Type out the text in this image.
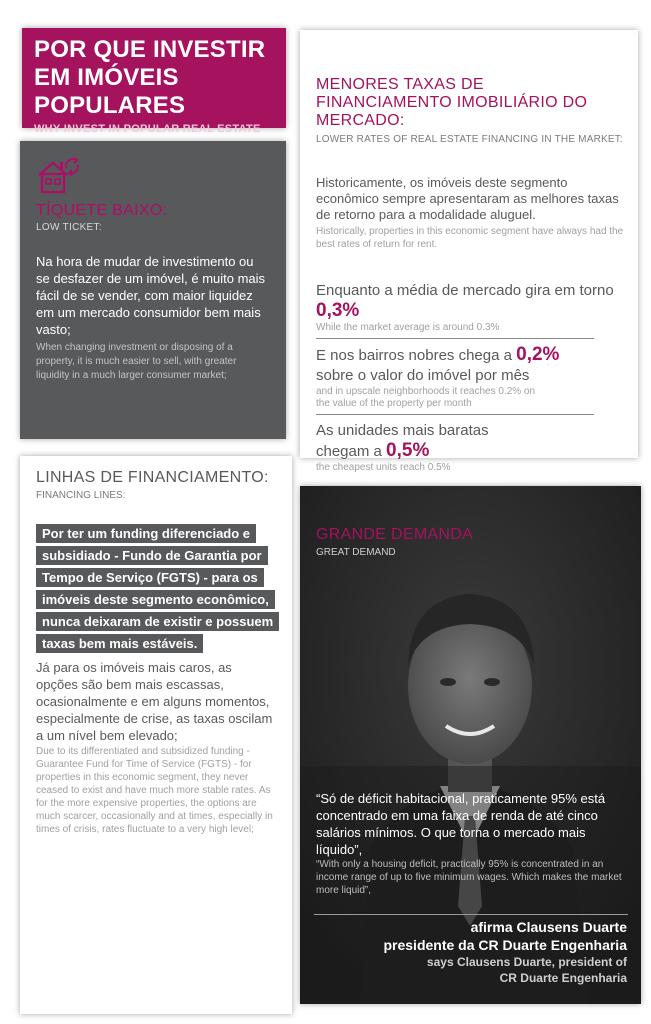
POR QUE INVESTIR
EM IMÓVEIS POPULARES
WHY INVEST IN POPULAR REAL ESTATE
TÍQUETE BAIXO:
LOW TICKET:
Na hora de mudar de investimento ou se desfazer de um imóvel, é muito mais fácil de se vender, com maior liquidez em um mercado consumidor bem mais vasto;
When changing investment or disposing of a property, it is much easier to sell, with greater liquidity in a much larger consumer market;
MENORES TAXAS DE FINANCIAMENTO IMOBILIÁRIO DO MERCADO:
LOWER RATES OF REAL ESTATE FINANCING IN THE MARKET:
Historicamente, os imóveis deste segmento econômico sempre apresentaram as melhores taxas de retorno para a modalidade aluguel.
Historically, properties in this economic segment have always had the best rates of return for rent.
Enquanto a média de mercado gira em torno 0,3%
While the market average is around 0.3%
E nos bairros nobres chega a 0,2%
sobre o valor do imóvel por mês
and in upscale neighborhoods it reaches 0.2% on the value of the property per month
As unidades mais baratas chegam a 0,5%
the cheapest units reach 0.5%
LINHAS DE FINANCIAMENTO:
FINANCING LINES:
Por ter um funding diferenciado e subsidiado - Fundo de Garantia por Tempo de Serviço (FGTS) - para os imóveis deste segmento econômico, nunca deixaram de existir e possuem taxas bem mais estáveis.
Já para os imóveis mais caros, as opções são bem mais escassas, ocasionalmente e em alguns momentos, especialmente de crise, as taxas oscilam a um nível bem elevado;
Due to its differentiated and subsidized funding - Guarantee Fund for Time of Service (FGTS) - for properties in this economic segment, they never ceased to exist and have much more stable rates. As for the more expensive properties, the options are much scarcer, occasionally and at times, especially in times of crisis, rates fluctuate to a very high level;
GRANDE DEMANDA
GREAT DEMAND
“Só de déficit habitacional, praticamente 95% está concentrado em uma faixa de renda de até cinco salários mínimos. O que torna o mercado mais líquido”,
“With only a housing deficit, practically 95% is concentrated in an income range of up to five minimum wages. Which makes the market more liquid”,
afirma Clausens Duarte
presidente da CR Duarte Engenharia
says Clausens Duarte, president of
CR Duarte Engenharia
